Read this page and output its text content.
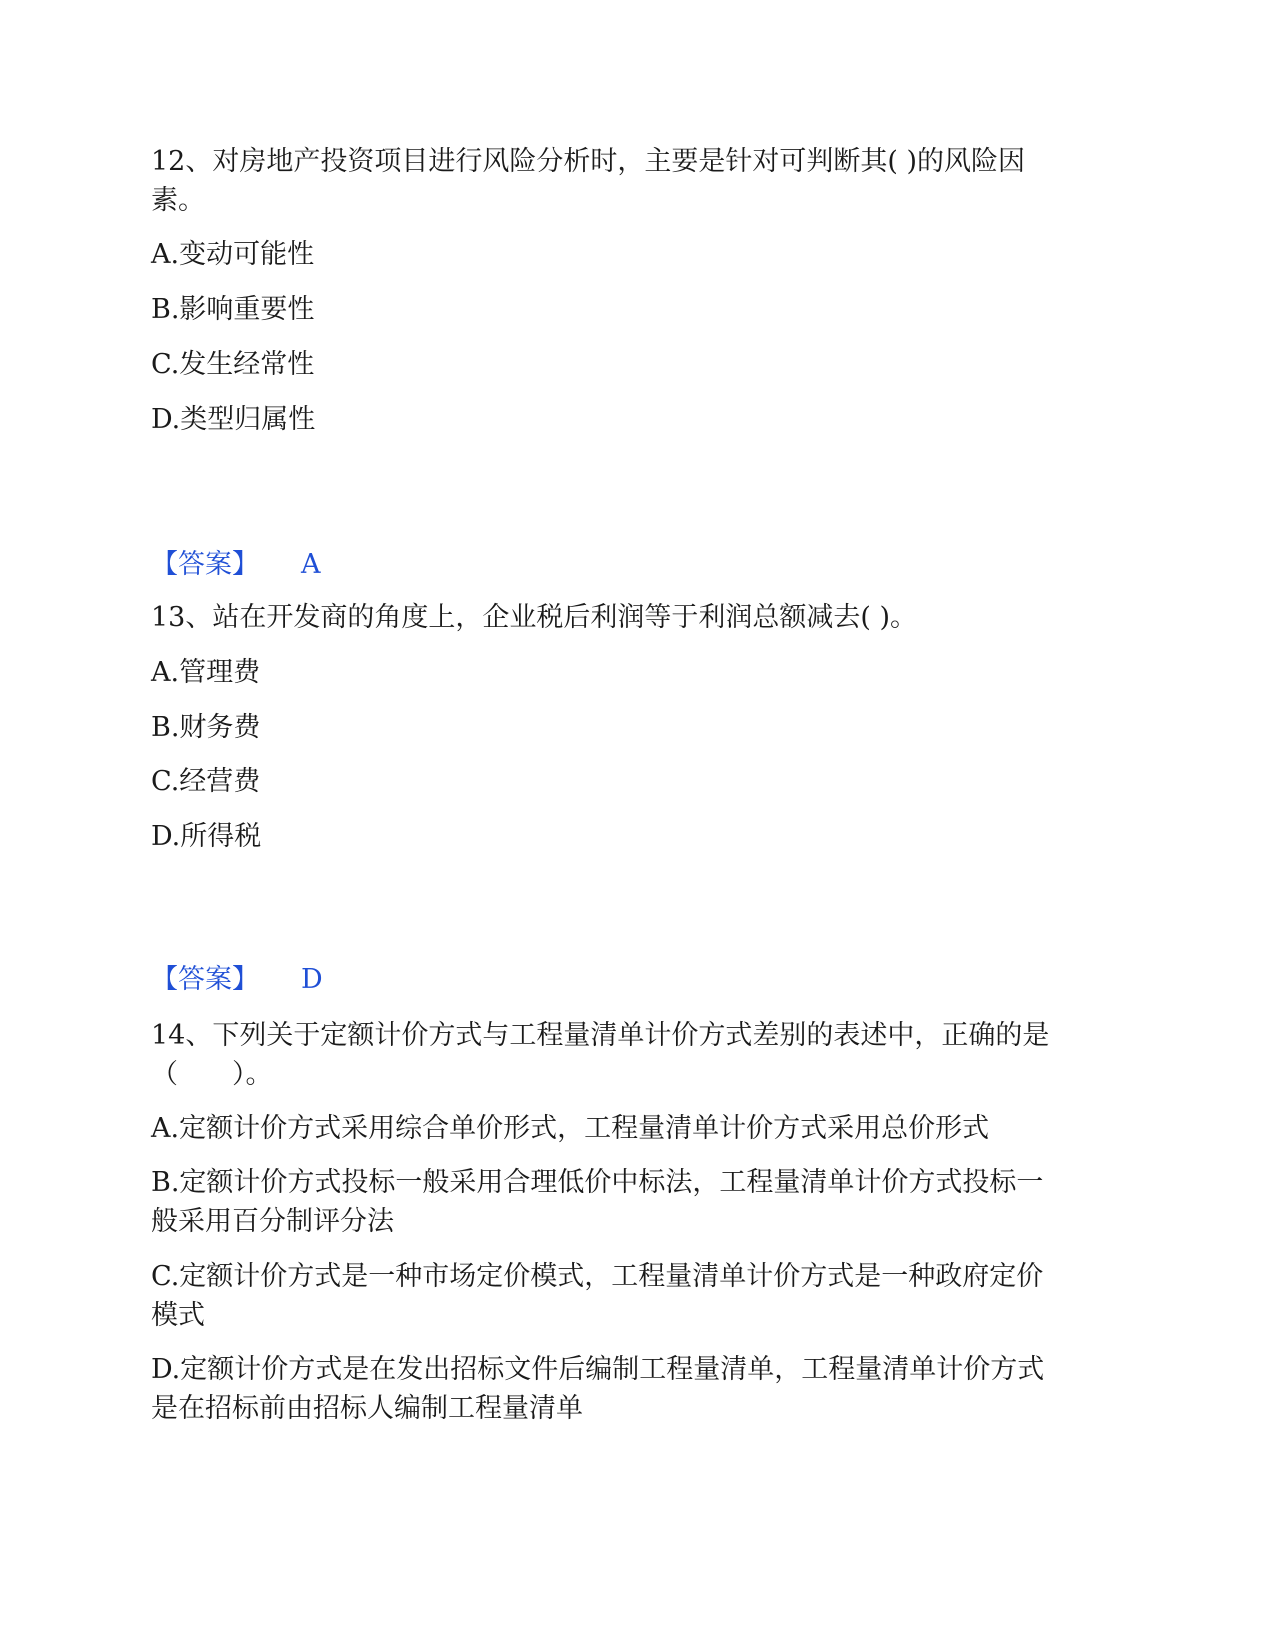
12、对房地产投资项目进行风险分析时，主要是针对可判断其( )的风险因
素。
A.变动可能性
B.影响重要性
C.发生经常性
D.类型归属性
【答案】 A
13、站在开发商的角度上，企业税后利润等于利润总额减去( )。
A.管理费
B.财务费
C.经营费
D.所得税
【答案】 D
14、下列关于定额计价方式与工程量清单计价方式差别的表述中，正确的是
（　　）。
A.定额计价方式采用综合单价形式，工程量清单计价方式采用总价形式
B.定额计价方式投标一般采用合理低价中标法，工程量清单计价方式投标一
般采用百分制评分法
C.定额计价方式是一种市场定价模式，工程量清单计价方式是一种政府定价
模式
D.定额计价方式是在发出招标文件后编制工程量清单，工程量清单计价方式
是在招标前由招标人编制工程量清单
